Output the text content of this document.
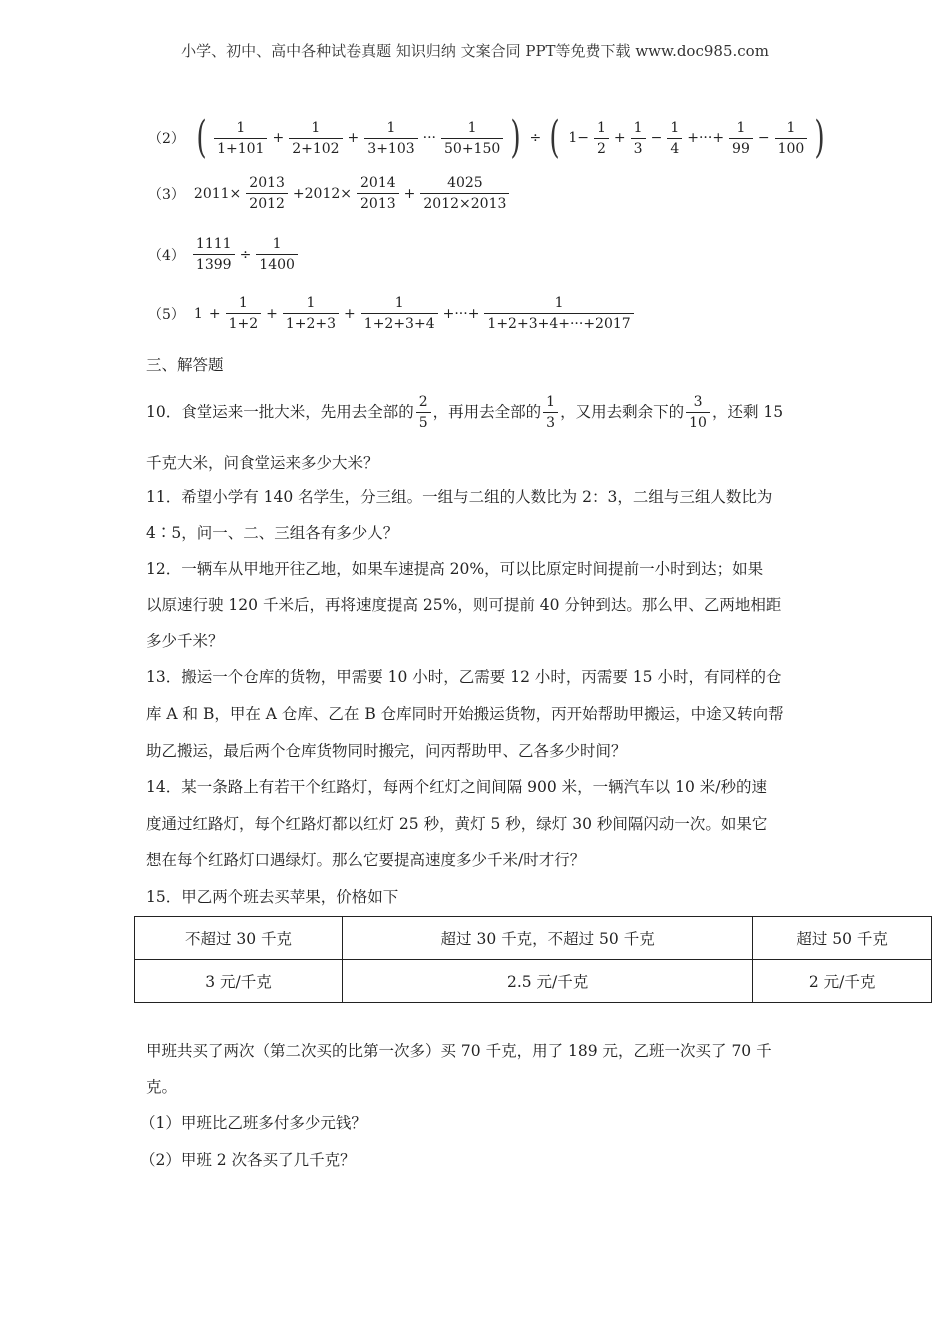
小学、初中、高中各种试卷真题 知识归纳 文案合同 PPT等免费下载 www.doc985.com
（2） ( $\frac{1}{1+101} + \frac{1}{2+102} + \frac{1}{3+103}$ ··· $\frac{1}{50+150}$ ) ÷ ( $1- \frac{1}{2} + \frac{1}{3} - \frac{1}{4}$ +···+ $\frac{1}{99} - \frac{1}{100}$ )
（3） $2011\times \frac{2013}{2012} +2012\times \frac{2014}{2013} + \frac{4025}{2012\times 2013}$
$(4) \frac{1111}{1399} \div \frac{1}{1400}$
（5） $1 + \frac{1}{1+2} + \frac{1}{1+2+3} + \frac{1}{1+2+3+4}$ +···+ $\frac{1}{1+2+3+4+\cdot\cdot\cdot+2017}$
三、解答题
10．食堂运来一批大米，先用去全部的 $\frac{2}{5}$ ，再用去全部的 $\frac{1}{3}$ ，又用去剩余下的 $\frac{3}{10}$ ，还剩 15
千克大米，问食堂运来多少大米？
11．希望小学有 140 名学生，分三组。一组与二组的人数比为 2：3，二组与三组人数比为
4∶5，问一、二、三组各有多少人？
12．一辆车从甲地开往乙地，如果车速提高 20%，可以比原定时间提前一小时到达；如果
以原速行驶 120 千米后，再将速度提高 25%，则可提前 40 分钟到达。那么甲、乙两地相距
多少千米？
13．搬运一个仓库的货物，甲需要 10 小时，乙需要 12 小时，丙需要 15 小时，有同样的仓
库 A 和 B，甲在 A 仓库、乙在 B 仓库同时开始搬运货物，丙开始帮助甲搬运，中途又转向帮
助乙搬运，最后两个仓库货物同时搬完，问丙帮助甲、乙各多少时间？
14．某一条路上有若干个红路灯，每两个红灯之间间隔 900 米，一辆汽车以 10 米/秒的速
度通过红路灯，每个红路灯都以红灯 25 秒，黄灯 5 秒，绿灯 30 秒间隔闪动一次。如果它
想在每个红路灯口遇绿灯。那么它要提高速度多少千米/时才行？
15．甲乙两个班去买苹果，价格如下
不超过 30 千克	超过 30 千克，不超过 50 千克	超过 50 千克
3 元/千克	2.5 元/千克	2 元/千克
甲班共买了两次（第二次买的比第一次多）买 70 千克，用了 189 元，乙班一次买了 70 千
克。
（1）甲班比乙班多付多少元钱？
（2）甲班 2 次各买了几千克？
